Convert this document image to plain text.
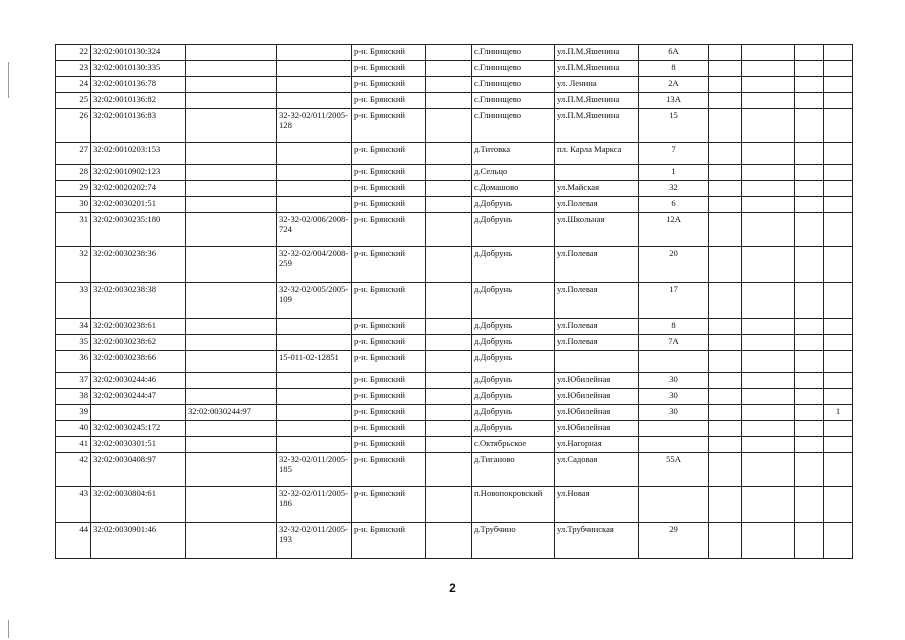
22	32:02:0010130:324			р-н. Брянский		с.Глинищево	ул.П.М.Яшенина	6А				
23	32:02:0010130:335			р-н. Брянский		с.Глинищево	ул.П.М.Яшенина	8				
24	32:02:0010136:78			р-н. Брянский		с.Глинищево	ул. Ленина	2А				
25	32:02:0010136:82			р-н. Брянский		с.Глинищево	ул.П.М.Яшенина	13А				
26	32:02:0010136:83		32-32-02/011/2005-128	р-н. Брянский		с.Глинищево	ул.П.М.Яшенина	15				
27	32:02:0010203:153			р-н. Брянский		д.Титовка	пл. Карла Маркса	7				
28	32:02:0010902:123			р-н. Брянский		д.Сельцо		1				
29	32:02:0020202:74			р-н. Брянский		с.Домашово	ул.Майская	32				
30	32:02:0030201:51			р-н. Брянский		д.Добрунь	ул.Полевая	6				
31	32:02:0030235:180		32-32-02/006/2008-724	р-н. Брянский		д.Добрунь	ул.Школьная	12А				
32	32:02:0030238:36		32-32-02/004/2008-259	р-н. Брянский		д.Добрунь	ул.Полевая	20				
33	32:02:0030238:38		32-32-02/005/2005-109	р-н. Брянский		д.Добрунь	ул.Полевая	17				
34	32:02:0030238:61			р-н. Брянский		д.Добрунь	ул.Полевая	8				
35	32:02:0030238:62			р-н. Брянский		д.Добрунь	ул.Полевая	7А				
36	32:02:0030238:66		15-011-02-12851	р-н. Брянский		д.Добрунь						
37	32:02:0030244:46			р-н. Брянский		д.Добрунь	ул.Юбилейная	30				
38	32:02:0030244:47			р-н. Брянский		д.Добрунь	ул.Юбилейная	30				
39		32:02:0030244:97		р-н. Брянский		д.Добрунь	ул.Юбилейная	30				1
40	32:02:0030245:172			р-н. Брянский		д.Добрунь	ул.Юбилейная					
41	32:02:0030301:51			р-н. Брянский		с.Октябрьское	ул.Нагорная					
42	32:02:0030408:97		32-32-02/011/2005-185	р-н. Брянский		д.Тиганово	ул.Садовая	55А				
43	32:02:0030804:61		32-32-02/011/2005-186	р-н. Брянский		п.Новопокровский	ул.Новая					
44	32:02:0030901:46		32-32-02/011/2005-193	р-н. Брянский		д.Трубчино	ул.Трубчинская	29				
2
